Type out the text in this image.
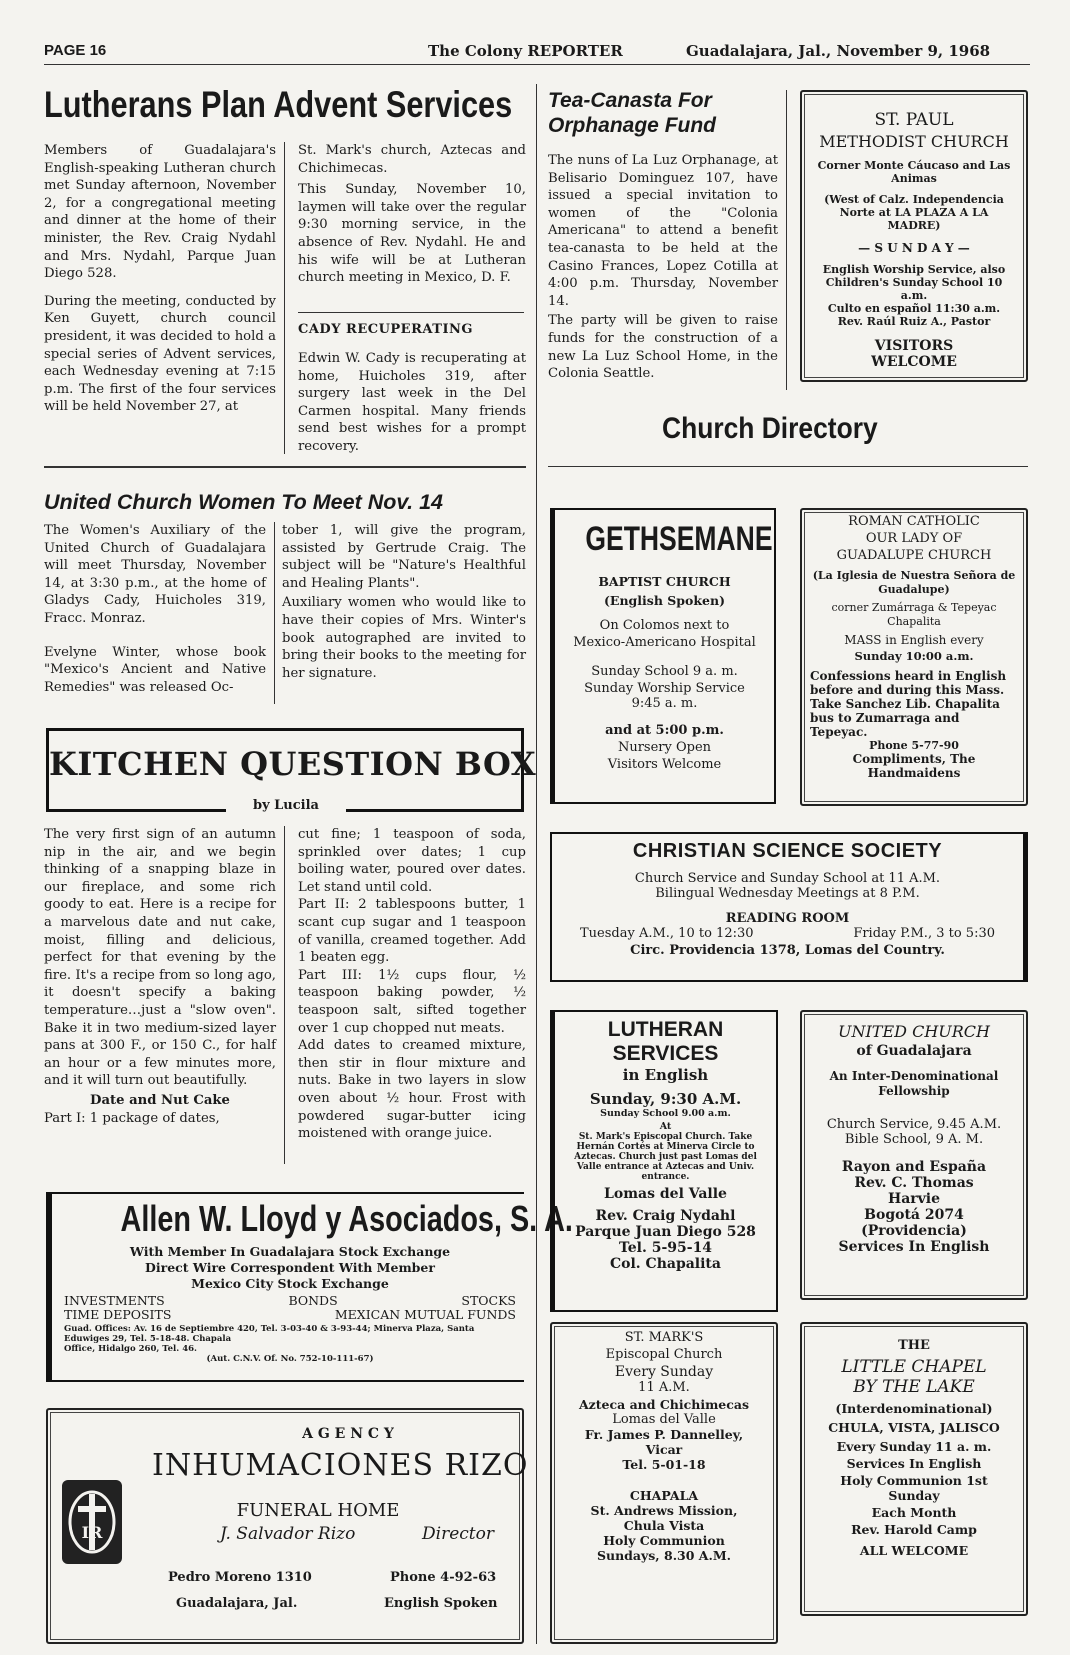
PAGE 16	The Colony REPORTER	Guadalajara, Jal., November 9, 1968
Lutherans Plan Advent Services

Members of Guadalajara's English-speaking Lutheran church met Sunday afternoon, November 2, for a congregational meeting and dinner at the home of their minister, the Rev. Craig Nydahl and Mrs. Nydahl, Parque Juan Diego 528.

During the meeting, conducted by Ken Guyett, church council president, it was decided to hold a special series of Advent services, each Wednesday evening at 7:15 p.m. The first of the four services will be held November 27, at

St. Mark's church, Aztecas and Chichimecas.

This Sunday, November 10, laymen will take over the regular 9:30 morning service, in the absence of Rev. Nydahl. He and his wife will be at Lutheran church meeting in Mexico, D. F.

CADY RECUPERATING

Edwin W. Cady is recuperating at home, Huicholes 319, after surgery last week in the Del Carmen hospital. Many friends send best wishes for a prompt recovery.

Tea-Canasta For Orphanage Fund

The nuns of La Luz Orphanage, at Belisario Dominguez 107, have issued a special invitation to women of the "Colonia Americana" to attend a benefit tea-canasta to be held at the Casino Frances, Lopez Cotilla at 4:00 p.m. Thursday, November 14.

The party will be given to raise funds for the construction of a new La Luz School Home, in the Colonia Seattle.

ST. PAUL

METHODIST CHURCH

Corner Monte Cáucaso and Las Animas

(West of Calz. Independencia Norte at LA PLAZA A LA MADRE)

— S U N D A Y —

English Worship Service, also Children's Sunday School 10 a.m.

Culto en español 11:30 a.m.

Rev. Raúl Ruiz A., Pastor

VISITORS

WELCOME

Church Directory
United Church Women To Meet Nov. 14

The Women's Auxiliary of the United Church of Guadalajara will meet Thursday, November 14, at 3:30 p.m., at the home of Gladys Cady, Huicholes 319, Fracc. Monraz.

Evelyne Winter, whose book "Mexico's Ancient and Native Remedies" was released Oc-

tober 1, will give the program, assisted by Gertrude Craig. The subject will be "Nature's Healthful and Healing Plants".

Auxiliary women who would like to have their copies of Mrs. Winter's book autographed are invited to bring their books to the meeting for her signature.

KITCHEN QUESTION BOX
by Lucila

The very first sign of an autumn nip in the air, and we begin thinking of a snapping blaze in our fireplace, and some rich goody to eat. Here is a recipe for a marvelous date and nut cake, moist, filling and delicious, perfect for that evening by the fire. It's a recipe from so long ago, it doesn't specify a baking temperature…just a "slow oven". Bake it in two medium-sized layer pans at 300 F., or 150 C., for half an hour or a few minutes more, and it will turn out beautifully.

Date and Nut Cake

Part I: 1 package of dates,

cut fine; 1 teaspoon of soda, sprinkled over dates; 1 cup boiling water, poured over dates. Let stand until cold.

Part II: 2 tablespoons butter, 1 scant cup sugar and 1 teaspoon of vanilla, creamed together. Add 1 beaten egg.

Part III: 1½ cups flour, ½ teaspoon baking powder, ½ teaspoon salt, sifted together over 1 cup chopped nut meats.

Add dates to creamed mixture, then stir in flour mixture and nuts. Bake in two layers in slow oven about ½ hour. Frost with powdered sugar-butter icing moistened with orange juice.

Allen W. Lloyd y Asociados, S. A.
With Member In Guadalajara Stock Exchange
Direct Wire Correspondent With Member
Mexico City Stock Exchange
INVESTMENTS	BONDS	STOCKS
TIME DEPOSITS	MEXICAN MUTUAL FUNDS
Guad. Offices: Av. 16 de Septiembre 420, Tel. 3-03-40 & 3-93-44; Minerva Plaza, Santa Eduwiges 29, Tel. 5-18-48. Chapala
Office, Hidalgo 260, Tel. 46.
(Aut. C.N.V. Of. No. 752-10-111-67)
A G E N C Y
IR
INHUMACIONES RIZO
FUNERAL HOME
J. Salvador Rizo	Director
Pedro Moreno 1310	Phone 4-92-63
Guadalajara, Jal.	English Spoken
GETHSEMANE

BAPTIST CHURCH

(English Spoken)

On Colomos next to

Mexico-Americano Hospital

Sunday School 9 a. m.

Sunday Worship Service

9:45 a. m.

and at 5:00 p.m.

Nursery Open

Visitors Welcome

ROMAN CATHOLIC

OUR LADY OF

GUADALUPE CHURCH

(La Iglesia de Nuestra Señora de Guadalupe)

corner Zumárraga & Tepeyac Chapalita

MASS in English every

Sunday 10:00 a.m.

Confessions heard in English before and during this Mass. Take Sanchez Lib. Chapalita bus to Zumarraga and Tepeyac.

Phone 5-77-90

Compliments, The Handmaidens

CHRISTIAN SCIENCE SOCIETY

Church Service and Sunday School at 11 A.M.

Bilingual Wednesday Meetings at 8 P.M.

READING ROOM

Tuesday A.M., 10 to 12:30	Friday P.M., 3 to 5:30

Circ. Providencia 1378, Lomas del Country.

LUTHERAN

SERVICES

in English

Sunday, 9:30 A.M.

Sunday School 9.00 a.m.

At

St. Mark's Episcopal Church. Take Hernán Cortés at Minerva Circle to Aztecas. Church just past Lomas del Valle entrance at Aztecas and Univ. entrance.

Lomas del Valle

Rev. Craig Nydahl

Parque Juan Diego 528

Tel. 5-95-14

Col. Chapalita

UNITED CHURCH

of Guadalajara

An Inter-Denominational Fellowship

Church Service, 9.45 A.M.

Bible School, 9 A. M.

Rayon and España

Rev. C. Thomas

Harvie

Bogotá 2074

(Providencia)

Services In English

ST. MARK'S

Episcopal Church

Every Sunday

11 A.M.

Azteca and Chichimecas

Lomas del Valle

Fr. James P. Dannelley,

Vicar

Tel. 5-01-18

CHAPALA

St. Andrews Mission,

Chula Vista

Holy Communion

Sundays, 8.30 A.M.

THE

LITTLE CHAPEL

BY THE LAKE

(Interdenominational)

CHULA, VISTA, JALISCO

Every Sunday 11 a. m.

Services In English

Holy Communion 1st

Sunday

Each Month

Rev. Harold Camp

ALL WELCOME
